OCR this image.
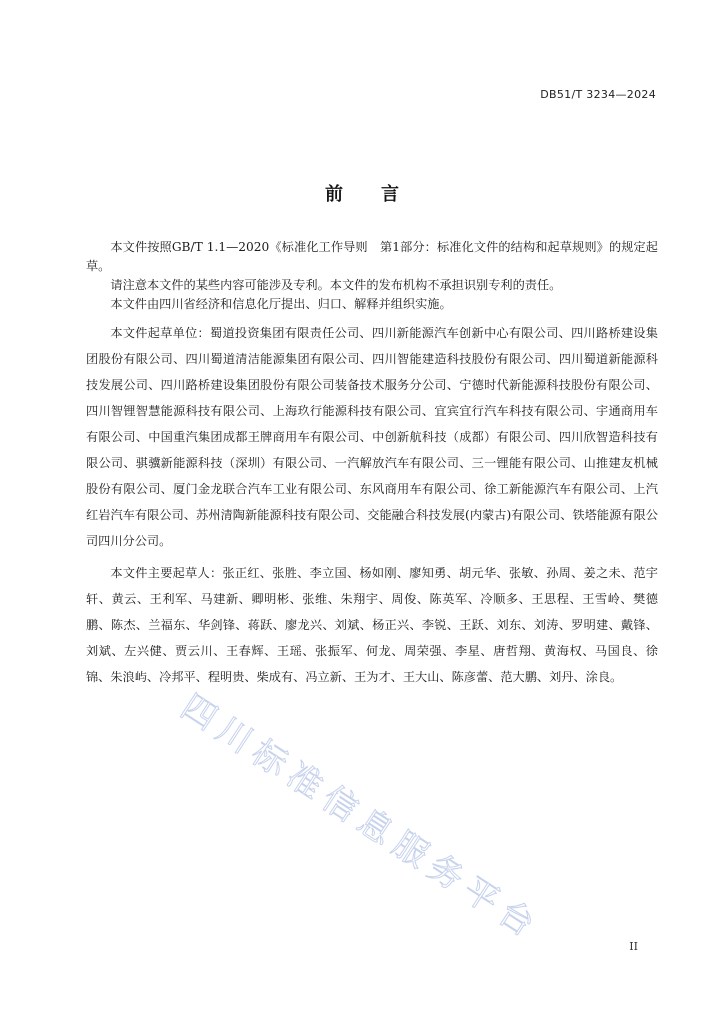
DB51/T 3234—2024
前言

本文件按照GB/T 1.1—2020《标准化工作导则　第1部分：标准化文件的结构和起草规则》的规定起草。

请注意本文件的某些内容可能涉及专利。本文件的发布机构不承担识别专利的责任。

本文件由四川省经济和信息化厅提出、归口、解释并组织实施。

本文件起草单位：蜀道投资集团有限责任公司、四川新能源汽车创新中心有限公司、四川路桥建设集团股份有限公司、四川蜀道清洁能源集团有限公司、四川智能建造科技股份有限公司、四川蜀道新能源科技发展公司、四川路桥建设集团股份有限公司装备技术服务分公司、宁德时代新能源科技股份有限公司、四川智锂智慧能源科技有限公司、上海玖行能源科技有限公司、宜宾宜行汽车科技有限公司、宇通商用车有限公司、中国重汽集团成都王牌商用车有限公司、中创新航科技（成都）有限公司、四川欣智造科技有限公司、骐骥新能源科技（深圳）有限公司、一汽解放汽车有限公司、三一锂能有限公司、山推建友机械股份有限公司、厦门金龙联合汽车工业有限公司、东风商用车有限公司、徐工新能源汽车有限公司、上汽红岩汽车有限公司、苏州清陶新能源科技有限公司、交能融合科技发展(内蒙古)有限公司、铁塔能源有限公司四川分公司。

本文件主要起草人：张正红、张胜、李立国、杨如刚、廖知勇、胡元华、张敏、孙周、姜之未、范宇轩、黄云、王利军、马建新、卿明彬、张维、朱翔宇、周俊、陈英军、冷顺多、王思程、王雪岭、樊德鹏、陈杰、兰福东、华剑锋、蒋跃、廖龙兴、刘斌、杨正兴、李锐、王跃、刘东、刘涛、罗明建、戴锋、刘斌、左兴健、贾云川、王春辉、王瑶、张振军、何龙、周荣强、李星、唐哲翔、黄海权、马国良、徐锦、朱浪屿、冷邦平、程明贵、柴成有、冯立新、王为才、王大山、陈彦蕾、范大鹏、刘丹、涂良。

四川标准信息服务平台	II
